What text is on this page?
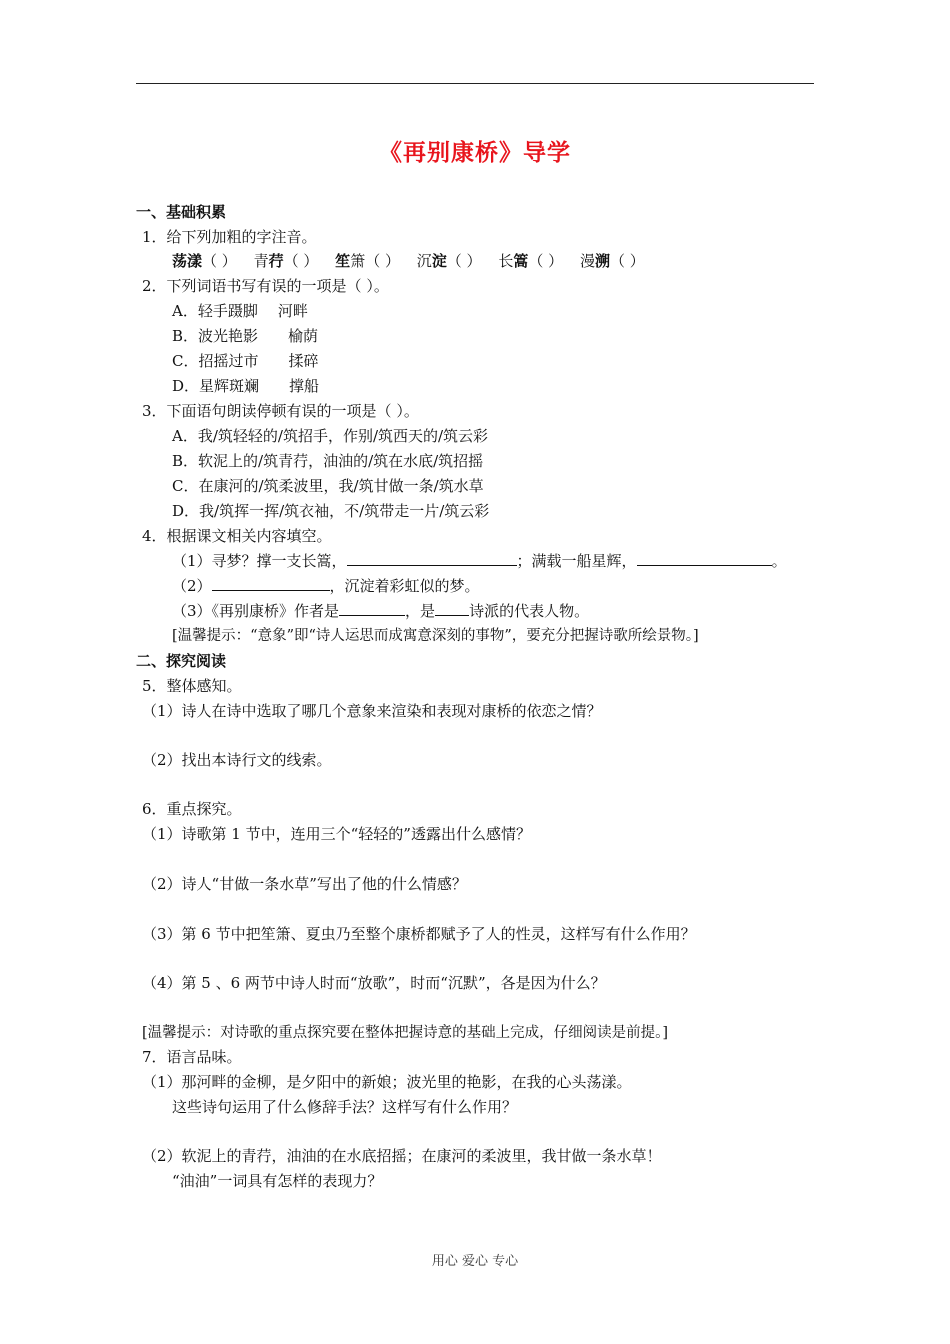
《再别康桥》导学
一、基础积累
1．给下列加粗的字注音。
荡漾（ ） 青荇（ ） 笙箫（ ） 沉淀（ ） 长篙（ ） 漫溯（ ）
2．下列词语书写有误的一项是（ ）。
A．轻手蹑脚 河畔
B．波光艳影 榆荫
C．招摇过市 揉碎
D．星辉斑斓 撑船
3．下面语句朗读停顿有误的一项是（ ）。
A．我/筑轻轻的/筑招手，作别/筑西天的/筑云彩
B．软泥上的/筑青荇，油油的/筑在水底/筑招摇
C．在康河的/筑柔波里，我/筑甘做一条/筑水草
D．我/筑挥一挥/筑衣袖，不/筑带走一片/筑云彩
4．根据课文相关内容填空。
（1）寻梦？撑一支长篙，	；满载一船星辉，	。
（2）	，沉淀着彩虹似的梦。
（3）《再别康桥》作者是	，是 诗派的代表人物。
[温馨提示：“意象”即“诗人运思而成寓意深刻的事物”，要充分把握诗歌所绘景物。]
二、探究阅读
5．整体感知。
（1）诗人在诗中选取了哪几个意象来渲染和表现对康桥的依恋之情？
（2）找出本诗行文的线索。
6．重点探究。
（1）诗歌第 1 节中，连用三个“轻轻的”透露出什么感情？
（2）诗人“甘做一条水草”写出了他的什么情感？
（3）第 6 节中把笙箫、夏虫乃至整个康桥都赋予了人的性灵，这样写有什么作用？
（4）第 5 、6 两节中诗人时而“放歌”，时而“沉默”，各是因为什么？
[温馨提示：对诗歌的重点探究要在整体把握诗意的基础上完成，仔细阅读是前提。]
7．语言品味。
（1）那河畔的金柳，是夕阳中的新娘；波光里的艳影，在我的心头荡漾。
这些诗句运用了什么修辞手法？这样写有什么作用？
（2）软泥上的青荇，油油的在水底招摇；在康河的柔波里，我甘做一条水草！
“油油”一词具有怎样的表现力？
用心 爱心 专心
